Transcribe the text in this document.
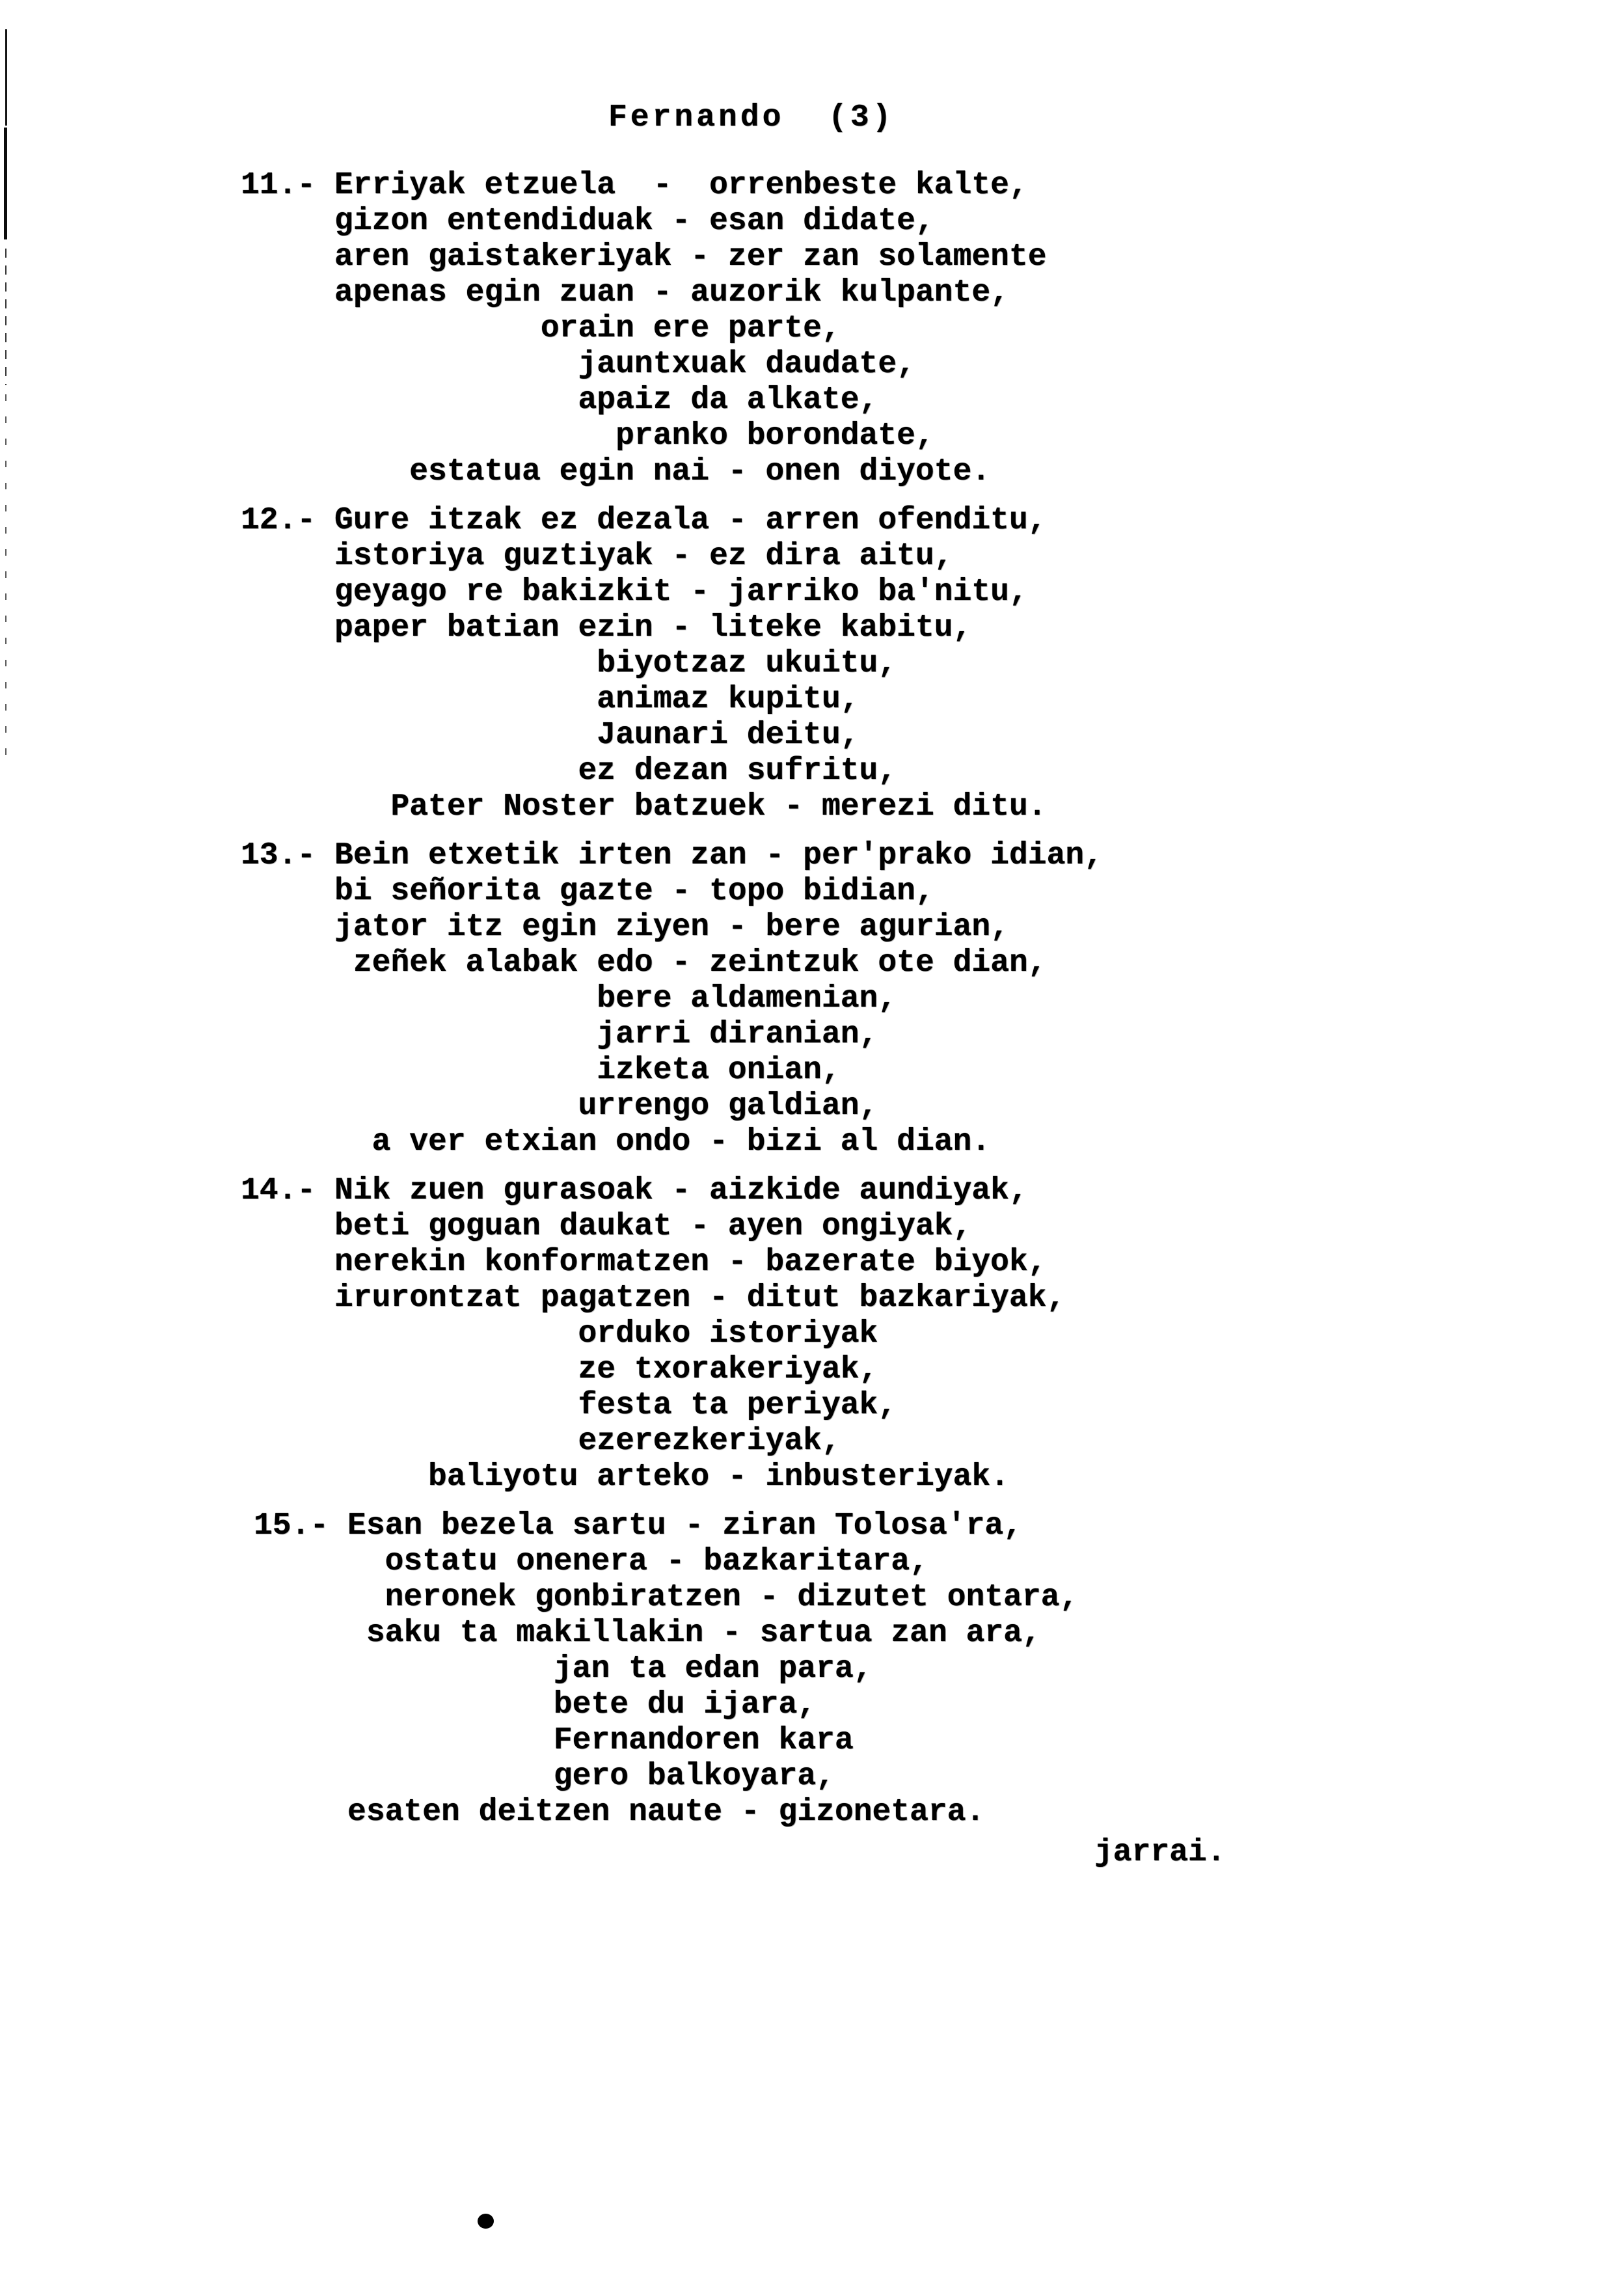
Fernando  (3)
11.- Erriyak etzuela  -  orrenbeste kalte,
gizon entendiduak - esan didate,
aren gaistakeriyak - zer zan solamente
apenas egin zuan - auzorik kulpante,
orain ere parte,
jauntxuak daudate,
apaiz da alkate,
pranko borondate,
estatua egin nai - onen diyote.
12.- Gure itzak ez dezala - arren ofenditu,
istoriya guztiyak - ez dira aitu,
geyago re bakizkit - jarriko ba'nitu,
paper batian ezin - liteke kabitu,
biyotzaz ukuitu,
animaz kupitu,
Jaunari deitu,
ez dezan sufritu,
Pater Noster batzuek - merezi ditu.
13.- Bein etxetik irten zan - per'prako idian,
bi señorita gazte - topo bidian,
jator itz egin ziyen - bere agurian,
zeñek alabak edo - zeintzuk ote dian,
bere aldamenian,
jarri diranian,
izketa onian,
urrengo galdian,
a ver etxian ondo - bizi al dian.
14.- Nik zuen gurasoak - aizkide aundiyak,
beti goguan daukat - ayen ongiyak,
nerekin konformatzen - bazerate biyok,
irurontzat pagatzen - ditut bazkariyak,
orduko istoriyak
ze txorakeriyak,
festa ta periyak,
ezerezkeriyak,
baliyotu arteko - inbusteriyak.
15.- Esan bezela sartu - ziran Tolosa'ra,
ostatu onenera - bazkaritara,
neronek gonbiratzen - dizutet ontara,
saku ta makillakin - sartua zan ara,
jan ta edan para,
bete du ijara,
Fernandoren kara
gero balkoyara,
esaten deitzen naute - gizonetara.
jarrai.
